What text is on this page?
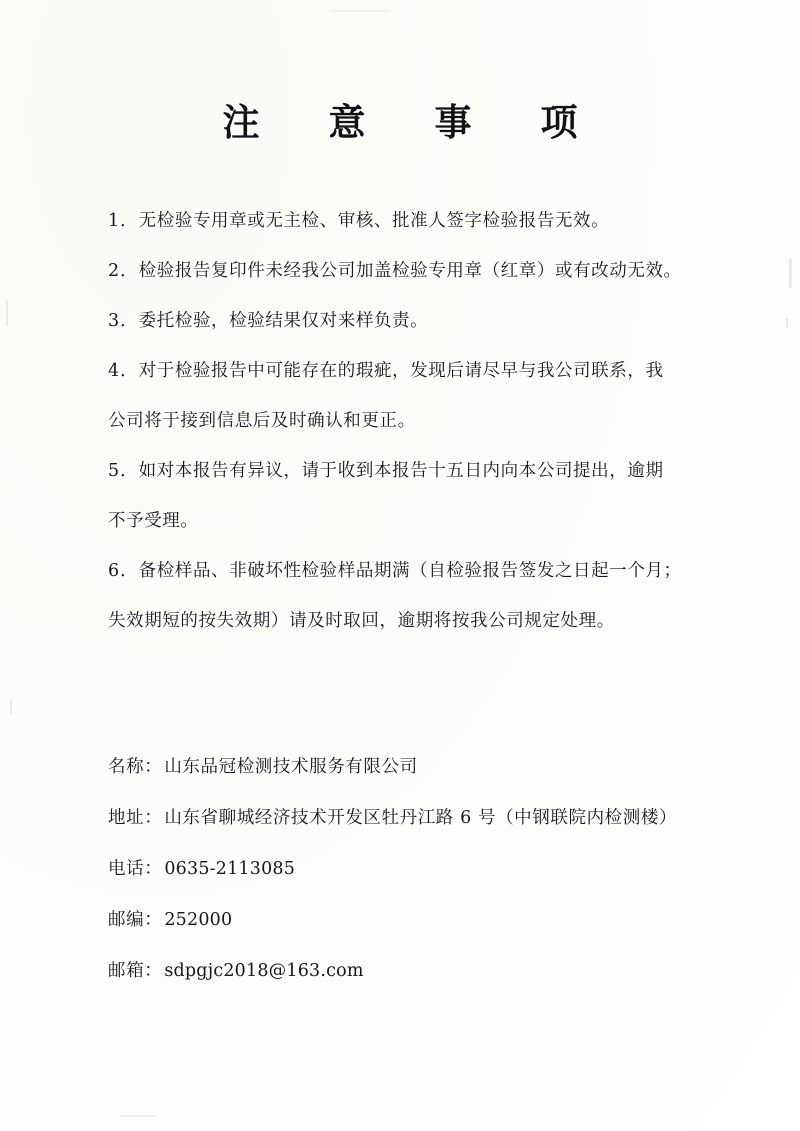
注　意　事　项
1．无检验专用章或无主检、审核、批准人签字检验报告无效。
2．检验报告复印件未经我公司加盖检验专用章（红章）或有改动无效。
3．委托检验，检验结果仅对来样负责。
4．对于检验报告中可能存在的瑕疵，发现后请尽早与我公司联系，我
公司将于接到信息后及时确认和更正。
5．如对本报告有异议，请于收到本报告十五日内向本公司提出，逾期
不予受理。
6．备检样品、非破坏性检验样品期满（自检验报告签发之日起一个月；
失效期短的按失效期）请及时取回，逾期将按我公司规定处理。
名称： 山东品冠检测技术服务有限公司
地址： 山东省聊城经济技术开发区牡丹江路 6 号（中钢联院内检测楼）
电话： 0635-2113085
邮编： 252000
邮箱： sdpgjc2018@163.com
